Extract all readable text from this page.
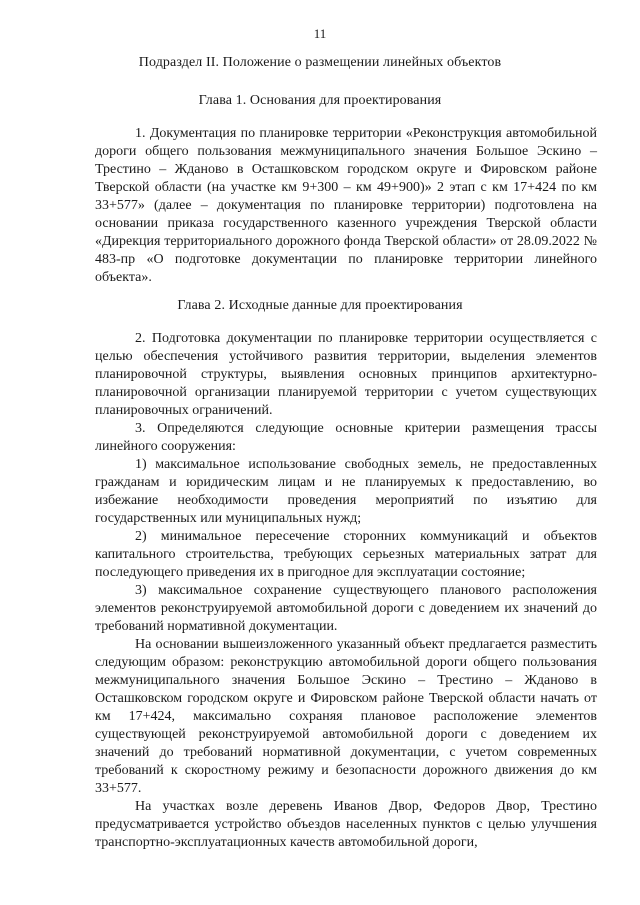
11
Подраздел II. Положение о размещении линейных объектов
Глава 1. Основания для проектирования

1. Документация по планировке территории «Реконструкция автомобильной дороги общего пользования межмуниципального значения Большое Эскино – Трестино – Жданово в Осташковском городском округе и Фировском районе Тверской области (на участке км 9+300 – км 49+900)» 2 этап с км 17+424 по км 33+577» (далее – документация по планировке территории) подготовлена на основании приказа государственного казенного учреждения Тверской области «Дирекция территориального дорожного фонда Тверской области» от 28.09.2022 № 483-пр «О подготовке документации по планировке территории линейного объекта».

Глава 2. Исходные данные для проектирования

2. Подготовка документации по планировке территории осуществляется с целью обеспечения устойчивого развития территории, выделения элементов планировочной структуры, выявления основных принципов архитектурно-планировочной организации планируемой территории с учетом существующих планировочных ограничений.

3. Определяются следующие основные критерии размещения трассы линейного сооружения:

1) максимальное использование свободных земель, не предоставленных гражданам и юридическим лицам и не планируемых к предоставлению, во избежание необходимости проведения мероприятий по изъятию для государственных или муниципальных нужд;

2) минимальное пересечение сторонних коммуникаций и объектов капитального строительства, требующих серьезных материальных затрат для последующего приведения их в пригодное для эксплуатации состояние;

3) максимальное сохранение существующего планового расположения элементов реконструируемой автомобильной дороги с доведением их значений до требований нормативной документации.

На основании вышеизложенного указанный объект предлагается разместить следующим образом: реконструкцию автомобильной дороги общего пользования межмуниципального значения Большое Эскино – Трестино – Жданово в Осташковском городском округе и Фировском районе Тверской области начать от км 17+424, максимально сохраняя плановое расположение элементов существующей реконструируемой автомобильной дороги с доведением их значений до требований нормативной документации, с учетом современных требований к скоростному режиму и безопасности дорожного движения до км 33+577.

На участках возле деревень Иванов Двор, Федоров Двор, Трестино предусматривается устройство объездов населенных пунктов с целью улучшения транспортно-эксплуатационных качеств автомобильной дороги,
